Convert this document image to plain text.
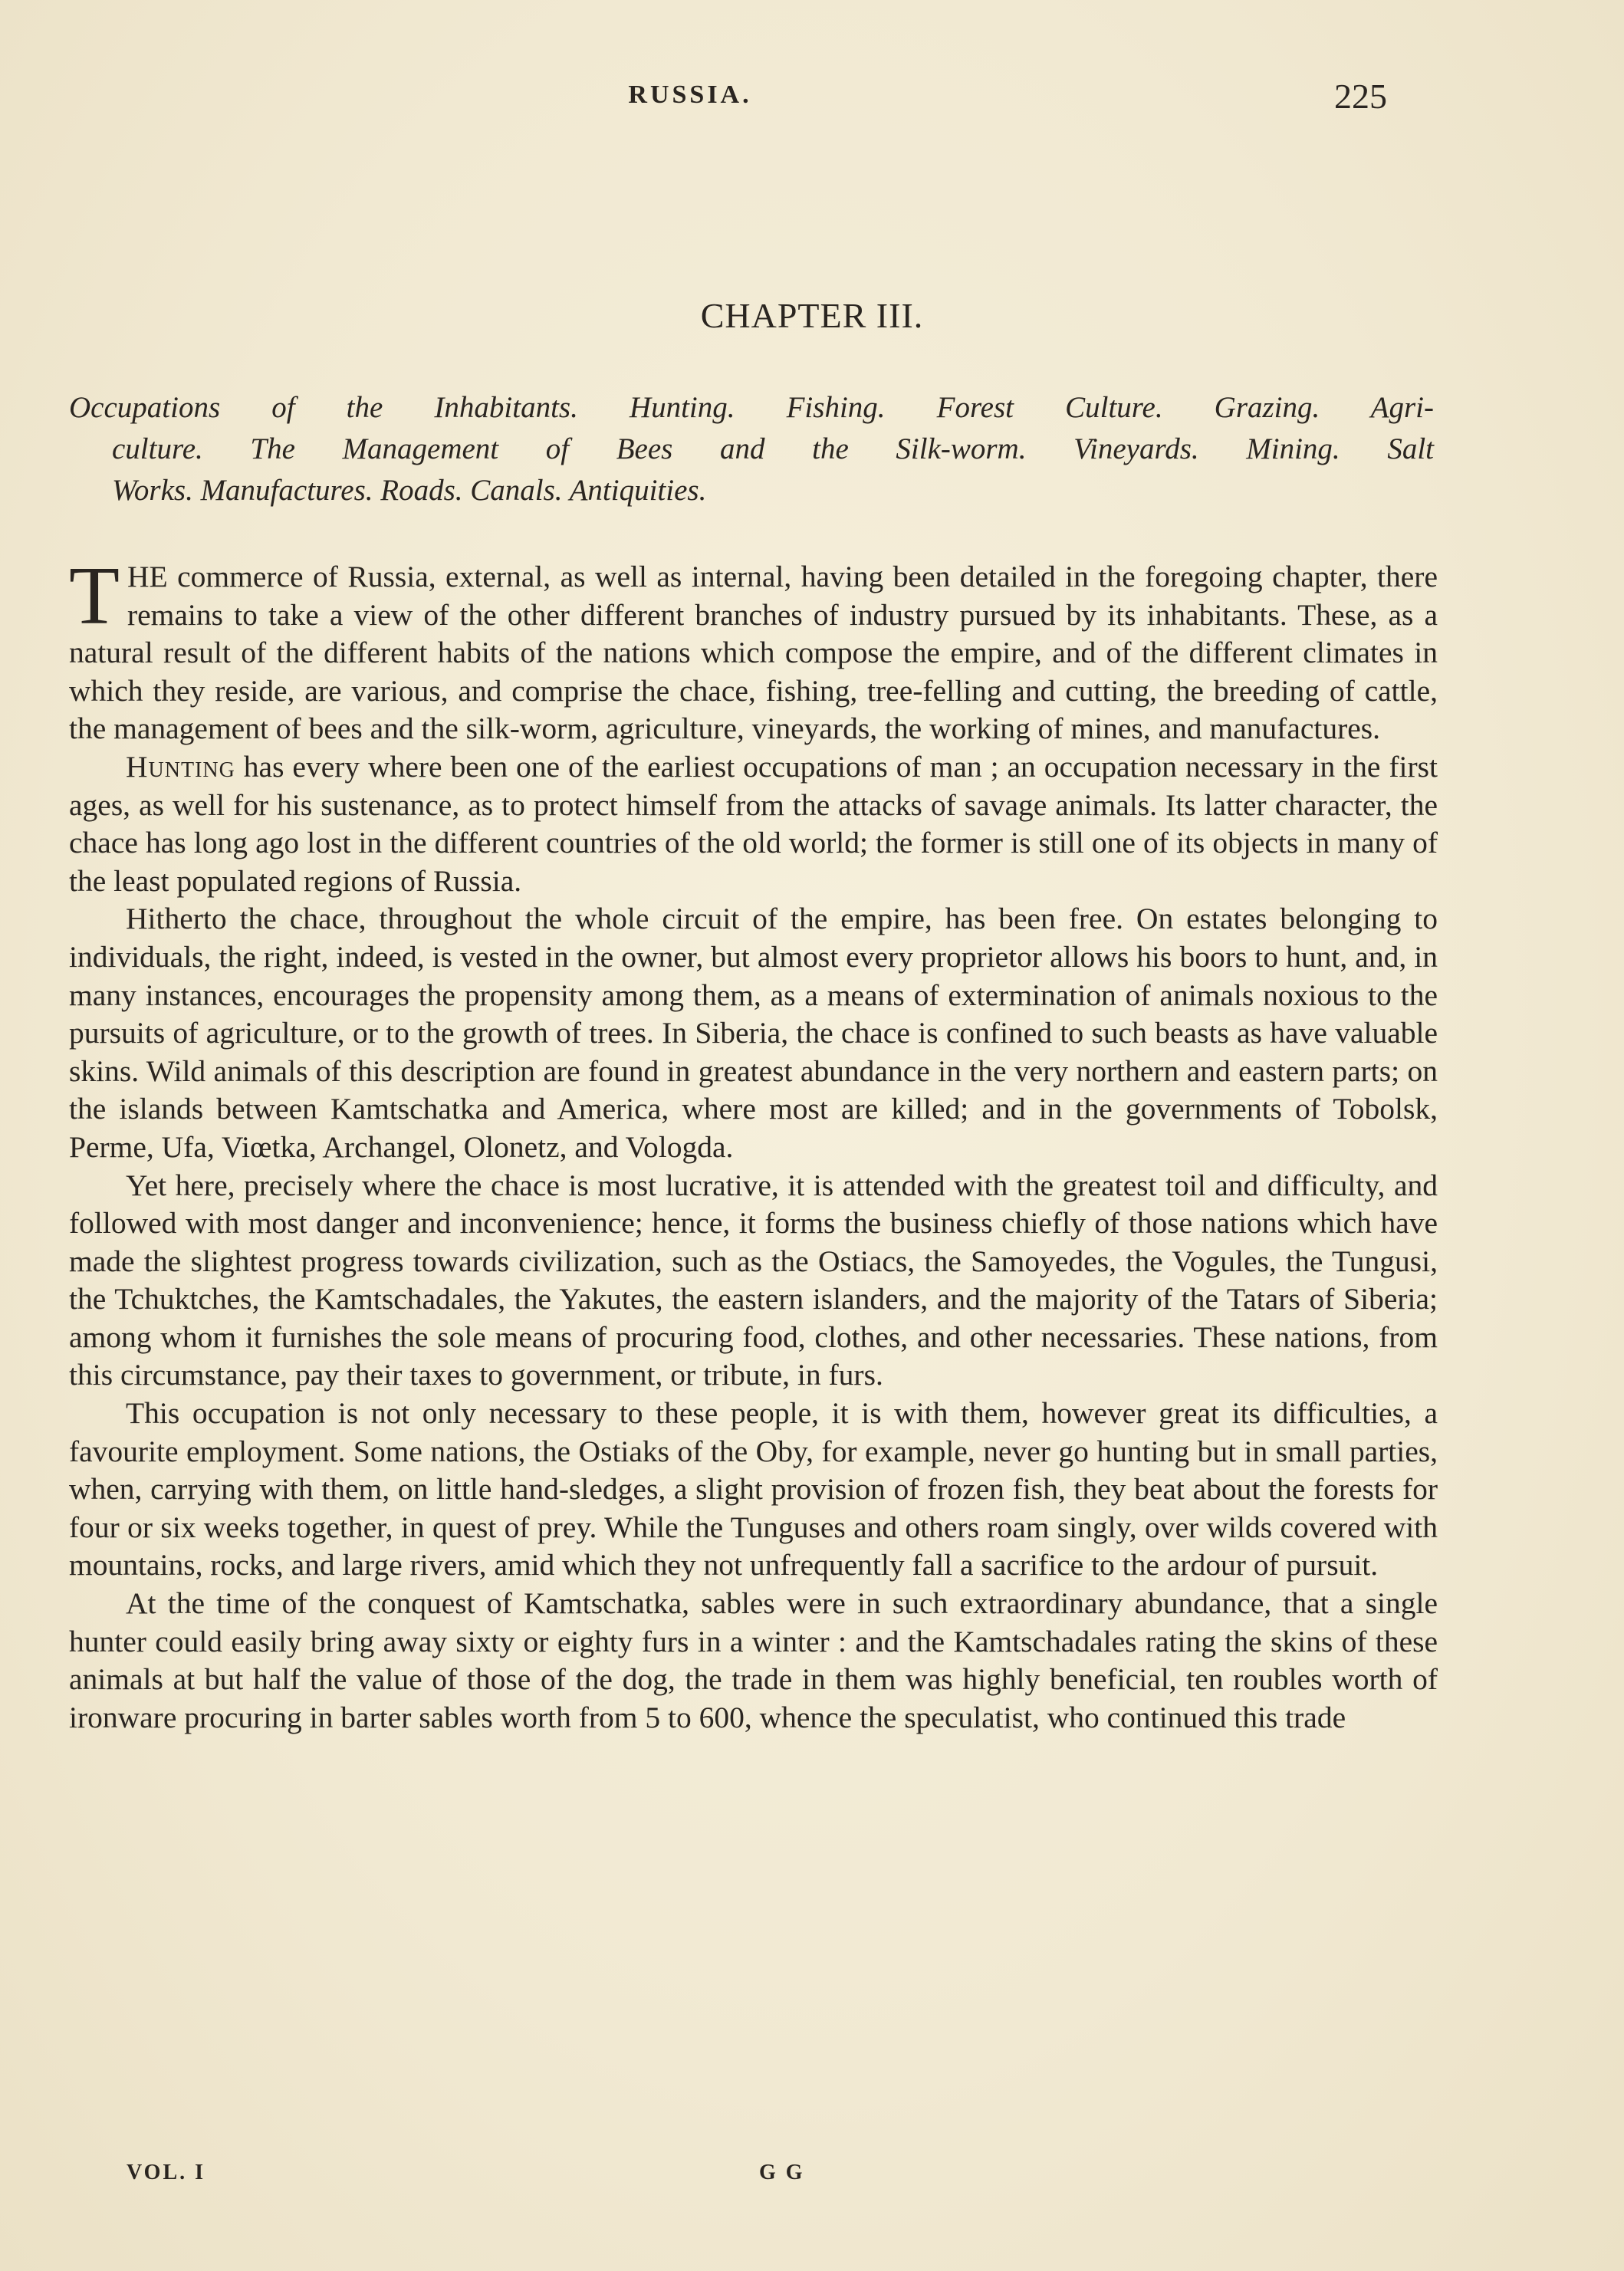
RUSSIA.	225
CHAPTER III.
Occupations of the Inhabitants. Hunting. Fishing. Forest Culture. Grazing. Agri-
culture. The Management of Bees and the Silk-worm. Vineyards. Mining. Salt
Works. Manufactures. Roads. Canals. Antiquities.

THE commerce of Russia, external, as well as internal, having been detailed in the foregoing chapter, there remains to take a view of the other different branches of industry pursued by its inhabitants. These, as a natural result of the different habits of the nations which compose the empire, and of the different climates in which they reside, are various, and comprise the chace, fishing, tree-felling and cutting, the breeding of cattle, the management of bees and the silk-worm, agriculture, vineyards, the working of mines, and manufactures.

Hunting has every where been one of the earliest occupations of man ; an occupation necessary in the first ages, as well for his sustenance, as to protect himself from the attacks of savage animals. Its latter character, the chace has long ago lost in the different countries of the old world; the former is still one of its objects in many of the least populated regions of Russia.

Hitherto the chace, throughout the whole circuit of the empire, has been free. On estates belonging to individuals, the right, indeed, is vested in the owner, but almost every proprietor allows his boors to hunt, and, in many instances, encourages the propensity among them, as a means of extermination of animals noxious to the pursuits of agriculture, or to the growth of trees. In Siberia, the chace is confined to such beasts as have valuable skins. Wild animals of this description are found in greatest abundance in the very northern and eastern parts; on the islands between Kamtschatka and America, where most are killed; and in the governments of Tobolsk, Perme, Ufa, Viœtka, Archangel, Olonetz, and Vologda.

Yet here, precisely where the chace is most lucrative, it is attended with the greatest toil and difficulty, and followed with most danger and inconvenience; hence, it forms the business chiefly of those nations which have made the slightest progress towards civilization, such as the Ostiacs, the Samoyedes, the Vogules, the Tungusi, the Tchuktches, the Kamtschadales, the Yakutes, the eastern islanders, and the majority of the Tatars of Siberia; among whom it furnishes the sole means of procuring food, clothes, and other necessaries. These nations, from this circumstance, pay their taxes to government, or tribute, in furs.

This occupation is not only necessary to these people, it is with them, however great its difficulties, a favourite employment. Some nations, the Ostiaks of the Oby, for example, never go hunting but in small parties, when, carrying with them, on little hand-sledges, a slight provision of frozen fish, they beat about the forests for four or six weeks together, in quest of prey. While the Tunguses and others roam singly, over wilds covered with mountains, rocks, and large rivers, amid which they not unfrequently fall a sacrifice to the ardour of pursuit.

At the time of the conquest of Kamtschatka, sables were in such extraordinary abundance, that a single hunter could easily bring away sixty or eighty furs in a winter : and the Kamtschadales rating the skins of these animals at but half the value of those of the dog, the trade in them was highly beneficial, ten roubles worth of ironware procuring in barter sables worth from 5 to 600, whence the speculatist, who continued this trade

VOL. I	G G
